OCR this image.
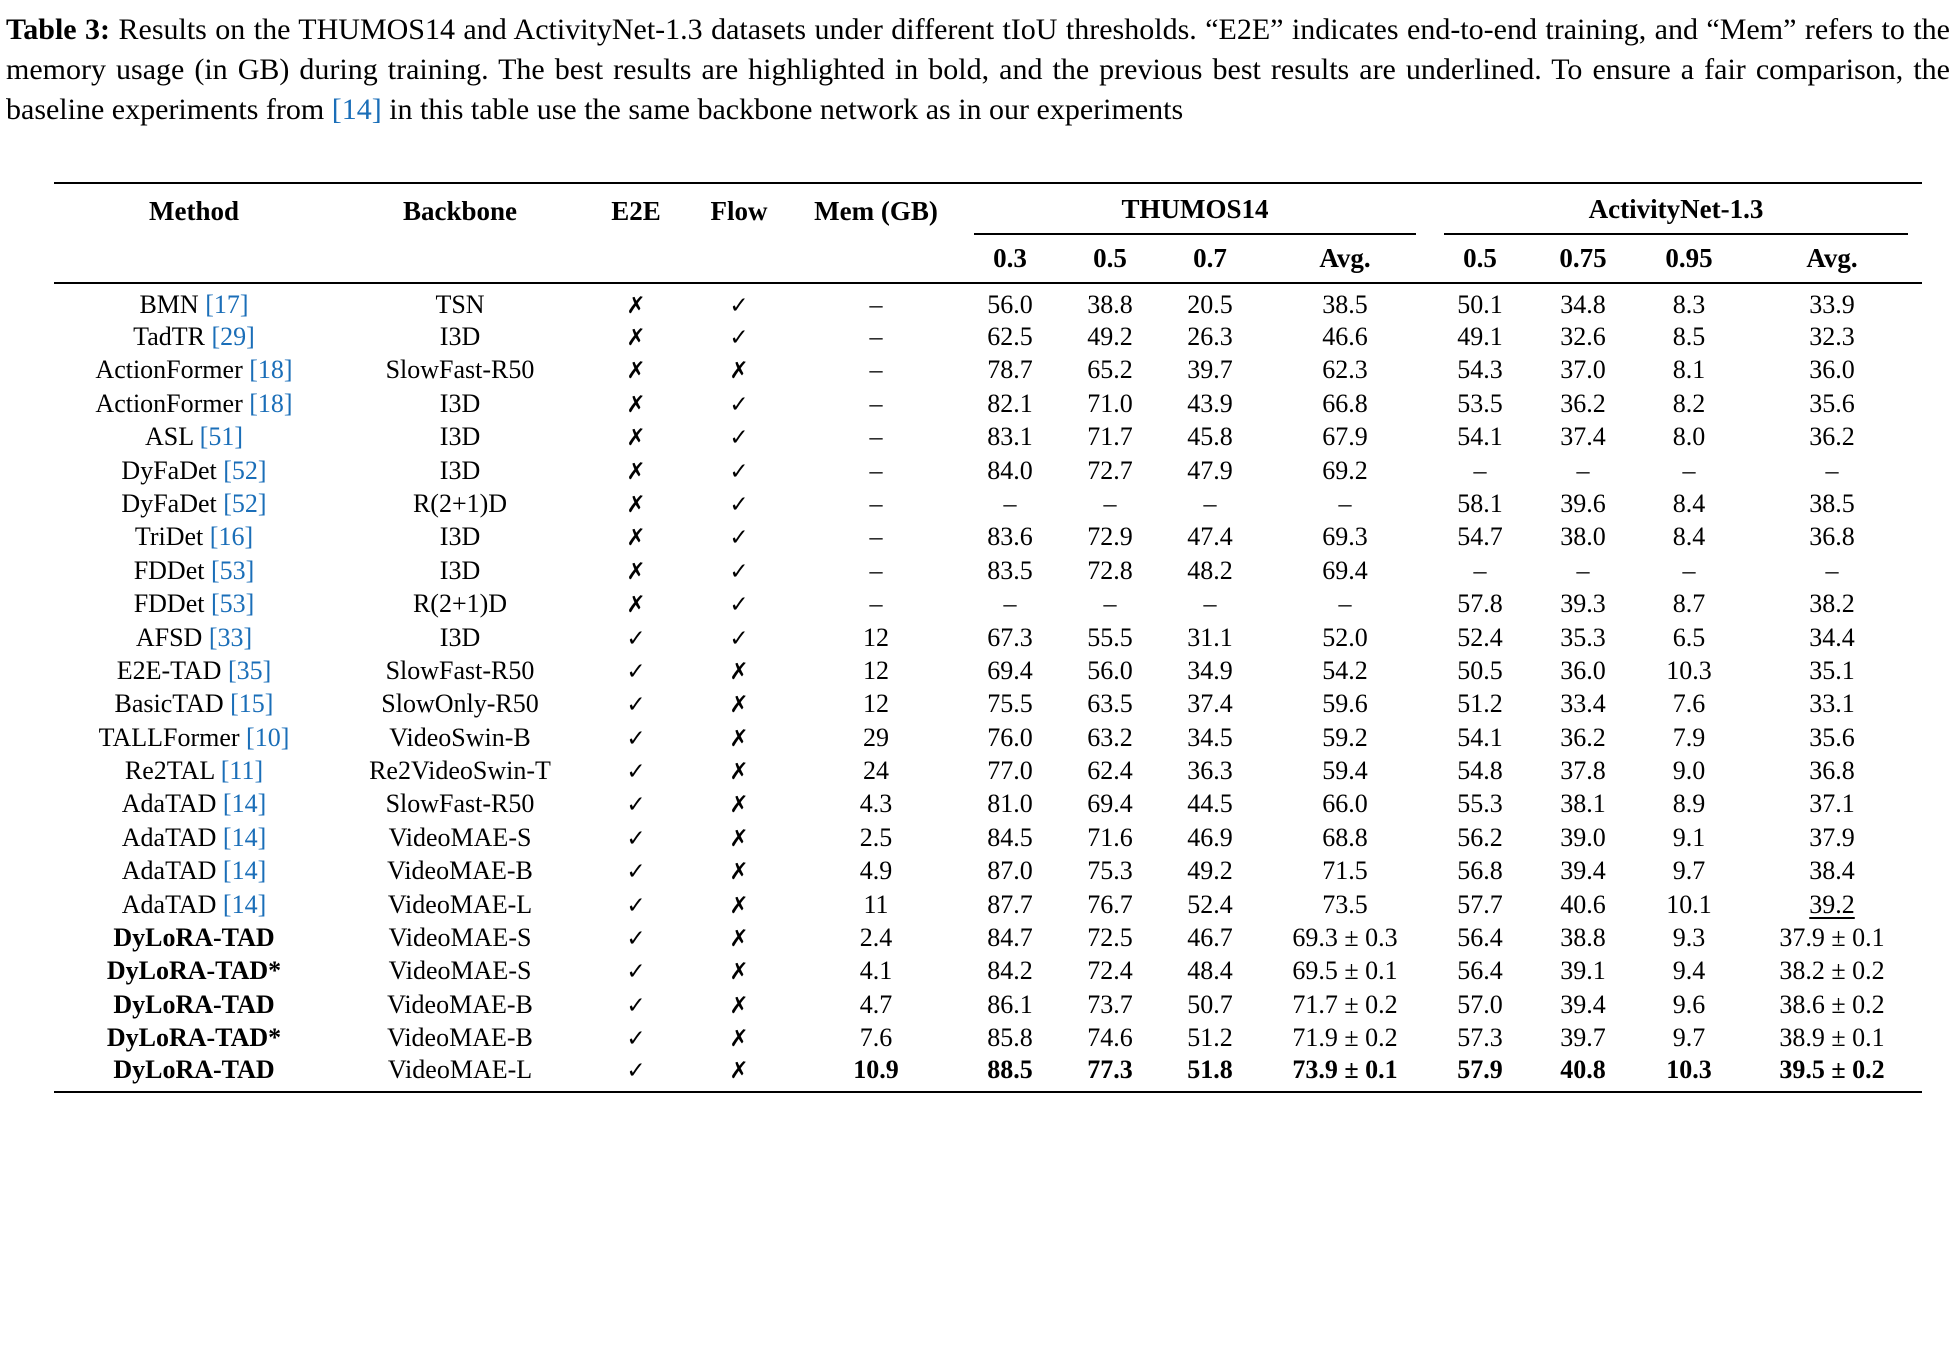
Table 3: Results on the THUMOS14 and ActivityNet-1.3 datasets under different tIoU thresholds. “E2E” indicates end-to-end training, and “Mem” refers to the memory usage (in GB) during training. The best results are highlighted in bold, and the previous best results are underlined. To ensure a fair comparison, the baseline experiments from [14] in this table use the same backbone network as in our experiments

Method	Backbone	E2E	Flow	Mem (GB)	THUMOS14				ActivityNet-1.3			

					0.3	0.5	0.7	Avg.	0.5	0.75	0.95	Avg.
BMN [17]	TSN	✗	✓	–	56.0	38.8	20.5	38.5	50.1	34.8	8.3	33.9
TadTR [29]	I3D	✗	✓	–	62.5	49.2	26.3	46.6	49.1	32.6	8.5	32.3
ActionFormer [18]	SlowFast-R50	✗	✗	–	78.7	65.2	39.7	62.3	54.3	37.0	8.1	36.0
ActionFormer [18]	I3D	✗	✓	–	82.1	71.0	43.9	66.8	53.5	36.2	8.2	35.6
ASL [51]	I3D	✗	✓	–	83.1	71.7	45.8	67.9	54.1	37.4	8.0	36.2
DyFaDet [52]	I3D	✗	✓	–	84.0	72.7	47.9	69.2	–	–	–	–
DyFaDet [52]	R(2+1)D	✗	✓	–	–	–	–	–	58.1	39.6	8.4	38.5
TriDet [16]	I3D	✗	✓	–	83.6	72.9	47.4	69.3	54.7	38.0	8.4	36.8
FDDet [53]	I3D	✗	✓	–	83.5	72.8	48.2	69.4	–	–	–	–
FDDet [53]	R(2+1)D	✗	✓	–	–	–	–	–	57.8	39.3	8.7	38.2
AFSD [33]	I3D	✓	✓	12	67.3	55.5	31.1	52.0	52.4	35.3	6.5	34.4
E2E-TAD [35]	SlowFast-R50	✓	✗	12	69.4	56.0	34.9	54.2	50.5	36.0	10.3	35.1
BasicTAD [15]	SlowOnly-R50	✓	✗	12	75.5	63.5	37.4	59.6	51.2	33.4	7.6	33.1
TALLFormer [10]	VideoSwin-B	✓	✗	29	76.0	63.2	34.5	59.2	54.1	36.2	7.9	35.6
Re2TAL [11]	Re2VideoSwin-T	✓	✗	24	77.0	62.4	36.3	59.4	54.8	37.8	9.0	36.8
AdaTAD [14]	SlowFast-R50	✓	✗	4.3	81.0	69.4	44.5	66.0	55.3	38.1	8.9	37.1
AdaTAD [14]	VideoMAE-S	✓	✗	2.5	84.5	71.6	46.9	68.8	56.2	39.0	9.1	37.9
AdaTAD [14]	VideoMAE-B	✓	✗	4.9	87.0	75.3	49.2	71.5	56.8	39.4	9.7	38.4
AdaTAD [14]	VideoMAE-L	✓	✗	11	87.7	76.7	52.4	73.5	57.7	40.6	10.1	39.2
DyLoRA-TAD	VideoMAE-S	✓	✗	2.4	84.7	72.5	46.7	69.3 ± 0.3	56.4	38.8	9.3	37.9 ± 0.1
DyLoRA-TAD*	VideoMAE-S	✓	✗	4.1	84.2	72.4	48.4	69.5 ± 0.1	56.4	39.1	9.4	38.2 ± 0.2
DyLoRA-TAD	VideoMAE-B	✓	✗	4.7	86.1	73.7	50.7	71.7 ± 0.2	57.0	39.4	9.6	38.6 ± 0.2
DyLoRA-TAD*	VideoMAE-B	✓	✗	7.6	85.8	74.6	51.2	71.9 ± 0.2	57.3	39.7	9.7	38.9 ± 0.1
DyLoRA-TAD	VideoMAE-L	✓	✗	10.9	88.5	77.3	51.8	73.9 ± 0.1	57.9	40.8	10.3	39.5 ± 0.2
